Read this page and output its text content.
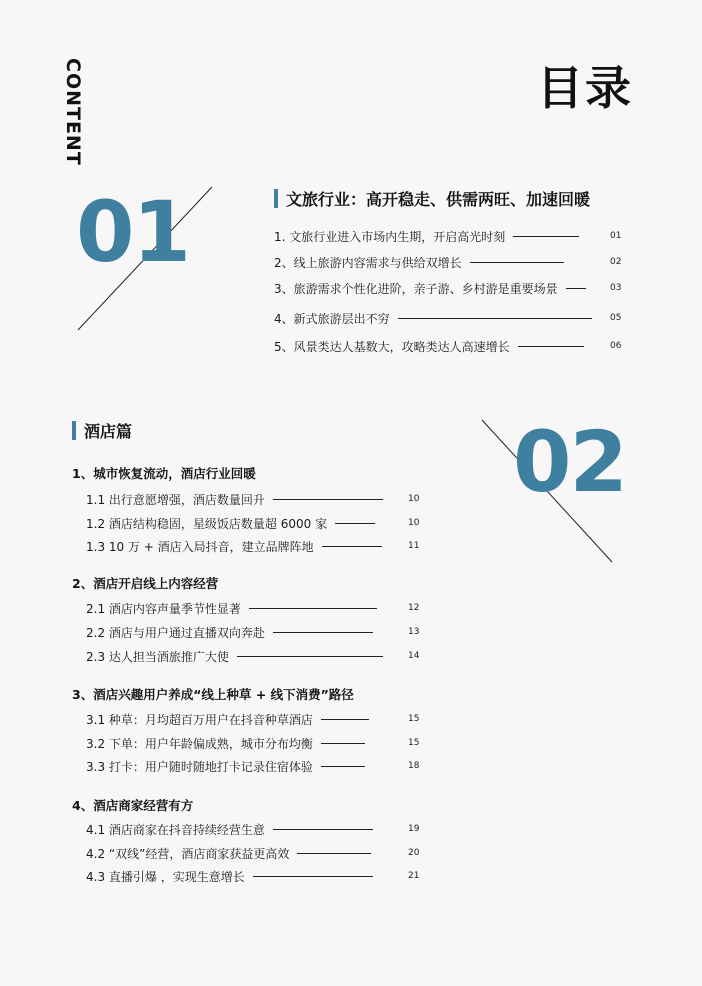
CONTENT	目录
01	文旅行业：高开稳走、供需两旺、加速回暖
1. 文旅行业进入市场内生期，开启高光时刻	01
2、线上旅游内容需求与供给双增长	02
3、旅游需求个性化进阶，亲子游、乡村游是重要场景	03
4、新式旅游层出不穷	05
5、风景类达人基数大，攻略类达人高速增长	06
02
酒店篇
1、城市恢复流动，酒店行业回暖
1.1 出行意愿增强，酒店数量回升	10
1.2 酒店结构稳固，星级饭店数量超 6000 家	10
1.3 10 万 + 酒店入局抖音，建立品牌阵地	11
2、酒店开启线上内容经营
2.1 酒店内容声量季节性显著	12
2.2 酒店与用户通过直播双向奔赴	13
2.3 达人担当酒旅推广大使	14
3、酒店兴趣用户养成“线上种草 + 线下消费”路径
3.1 种草：月均超百万用户在抖音种草酒店	15
3.2 下单：用户年龄偏成熟，城市分布均衡	15
3.3 打卡：用户随时随地打卡记录住宿体验	18
4、酒店商家经营有方
4.1 酒店商家在抖音持续经营生意	19
4.2 “双线”经营，酒店商家获益更高效	20
4.3 直播引爆 ，实现生意增长	21
